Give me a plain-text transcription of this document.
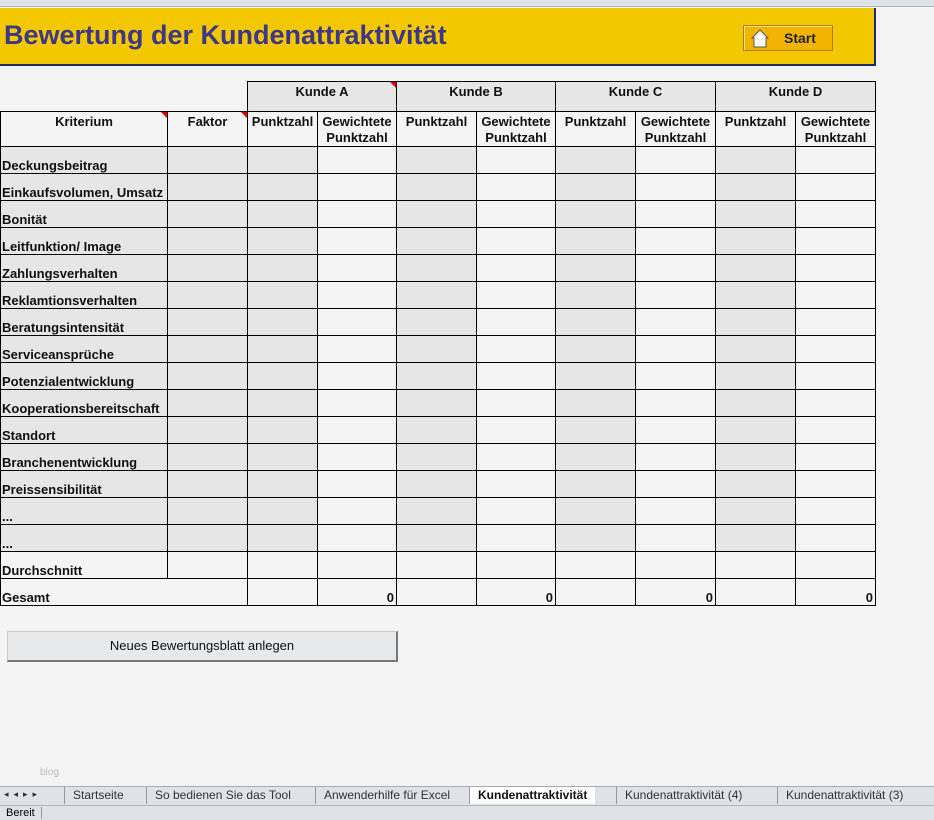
Bewertung der Kundenattraktivität	Start
	Kunde A	Kunde B	Kunde C	Kunde D
Kriterium	Faktor	Punktzahl	Gewichtete
Punktzahl	Punktzahl	Gewichtete
Punktzahl	Punktzahl	Gewichtete
Punktzahl	Punktzahl	Gewichtete
Punktzahl
Deckungsbeitrag									
Einkaufsvolumen, Umsatz									
Bonität									
Leitfunktion/ Image									
Zahlungsverhalten									
Reklamtionsverhalten									
Beratungsintensität									
Serviceansprüche									
Potenzialentwicklung									
Kooperationsbereitschaft									
Standort									
Branchenentwicklung									
Preissensibilität									
...									
...									
Durchschnitt									
Gesamt		0		0		0		0
Neues Bewertungsblatt anlegen
blog
◂◂▸▸	Startseite	So bedienen Sie das Tool	Anwenderhilfe für Excel	Kundenattraktivität	Kundenattraktivität (4)	Kundenattraktivität (3)
Bereit
